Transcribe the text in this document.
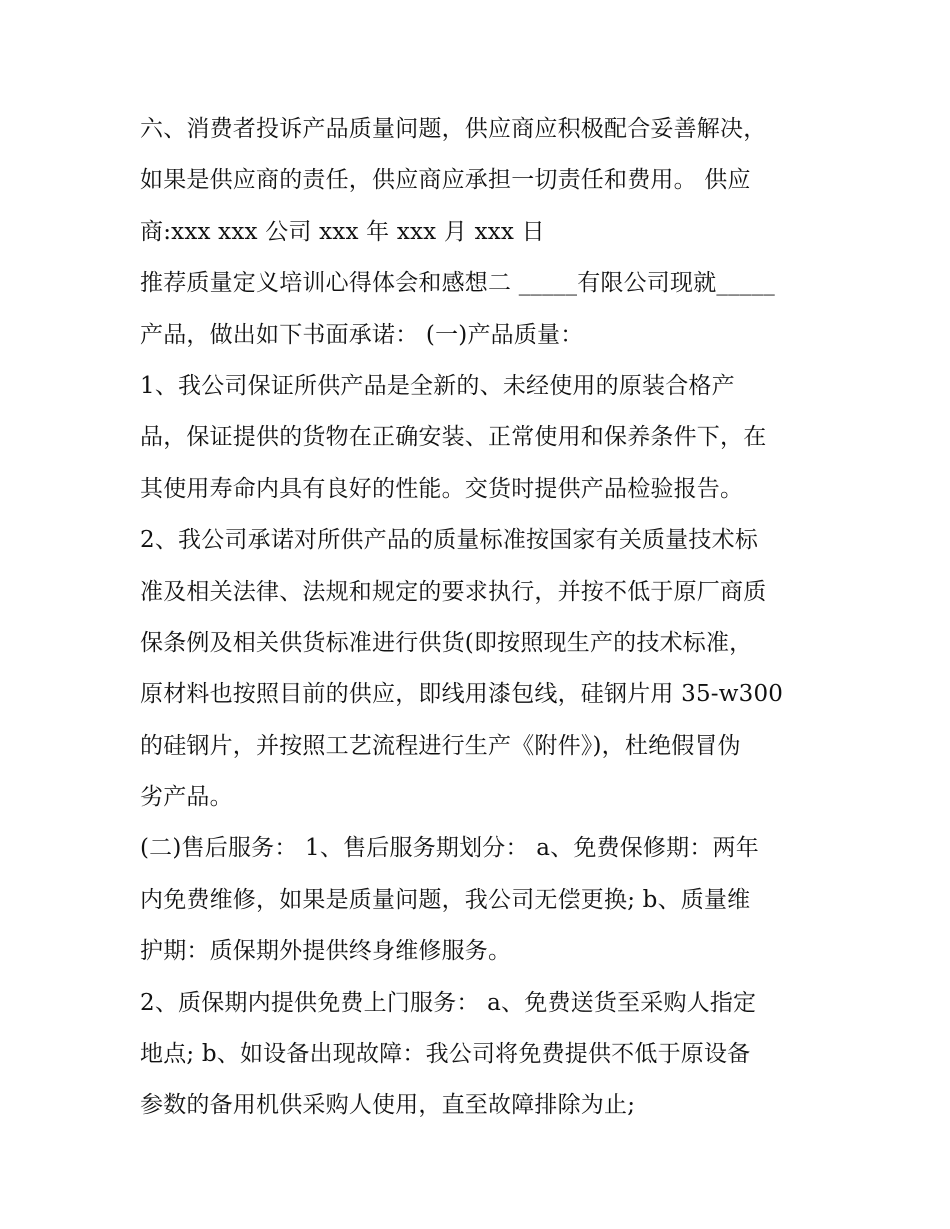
六、消费者投诉产品质量问题，供应商应积极配合妥善解决，
如果是供应商的责任，供应商应承担一切责任和费用。 供应
商:xxx xxx 公司 xxx 年 xxx 月 xxx 日
推荐质量定义培训心得体会和感想二 _____有限公司现就_____
产品，做出如下书面承诺： (一)产品质量：
1、我公司保证所供产品是全新的、未经使用的原装合格产
品，保证提供的货物在正确安装、正常使用和保养条件下，在
其使用寿命内具有良好的性能。交货时提供产品检验报告。
2、我公司承诺对所供产品的质量标准按国家有关质量技术标
准及相关法律、法规和规定的要求执行，并按不低于原厂商质
保条例及相关供货标准进行供货(即按照现生产的技术标准，
原材料也按照目前的供应，即线用漆包线，硅钢片用 35-w300
的硅钢片，并按照工艺流程进行生产《附件》)，杜绝假冒伪
劣产品。
(二)售后服务： 1、售后服务期划分： a、免费保修期：两年
内免费维修，如果是质量问题，我公司无偿更换; b、质量维
护期：质保期外提供终身维修服务。
2、质保期内提供免费上门服务： a、免费送货至采购人指定
地点; b、如设备出现故障：我公司将免费提供不低于原设备
参数的备用机供采购人使用，直至故障排除为止;
